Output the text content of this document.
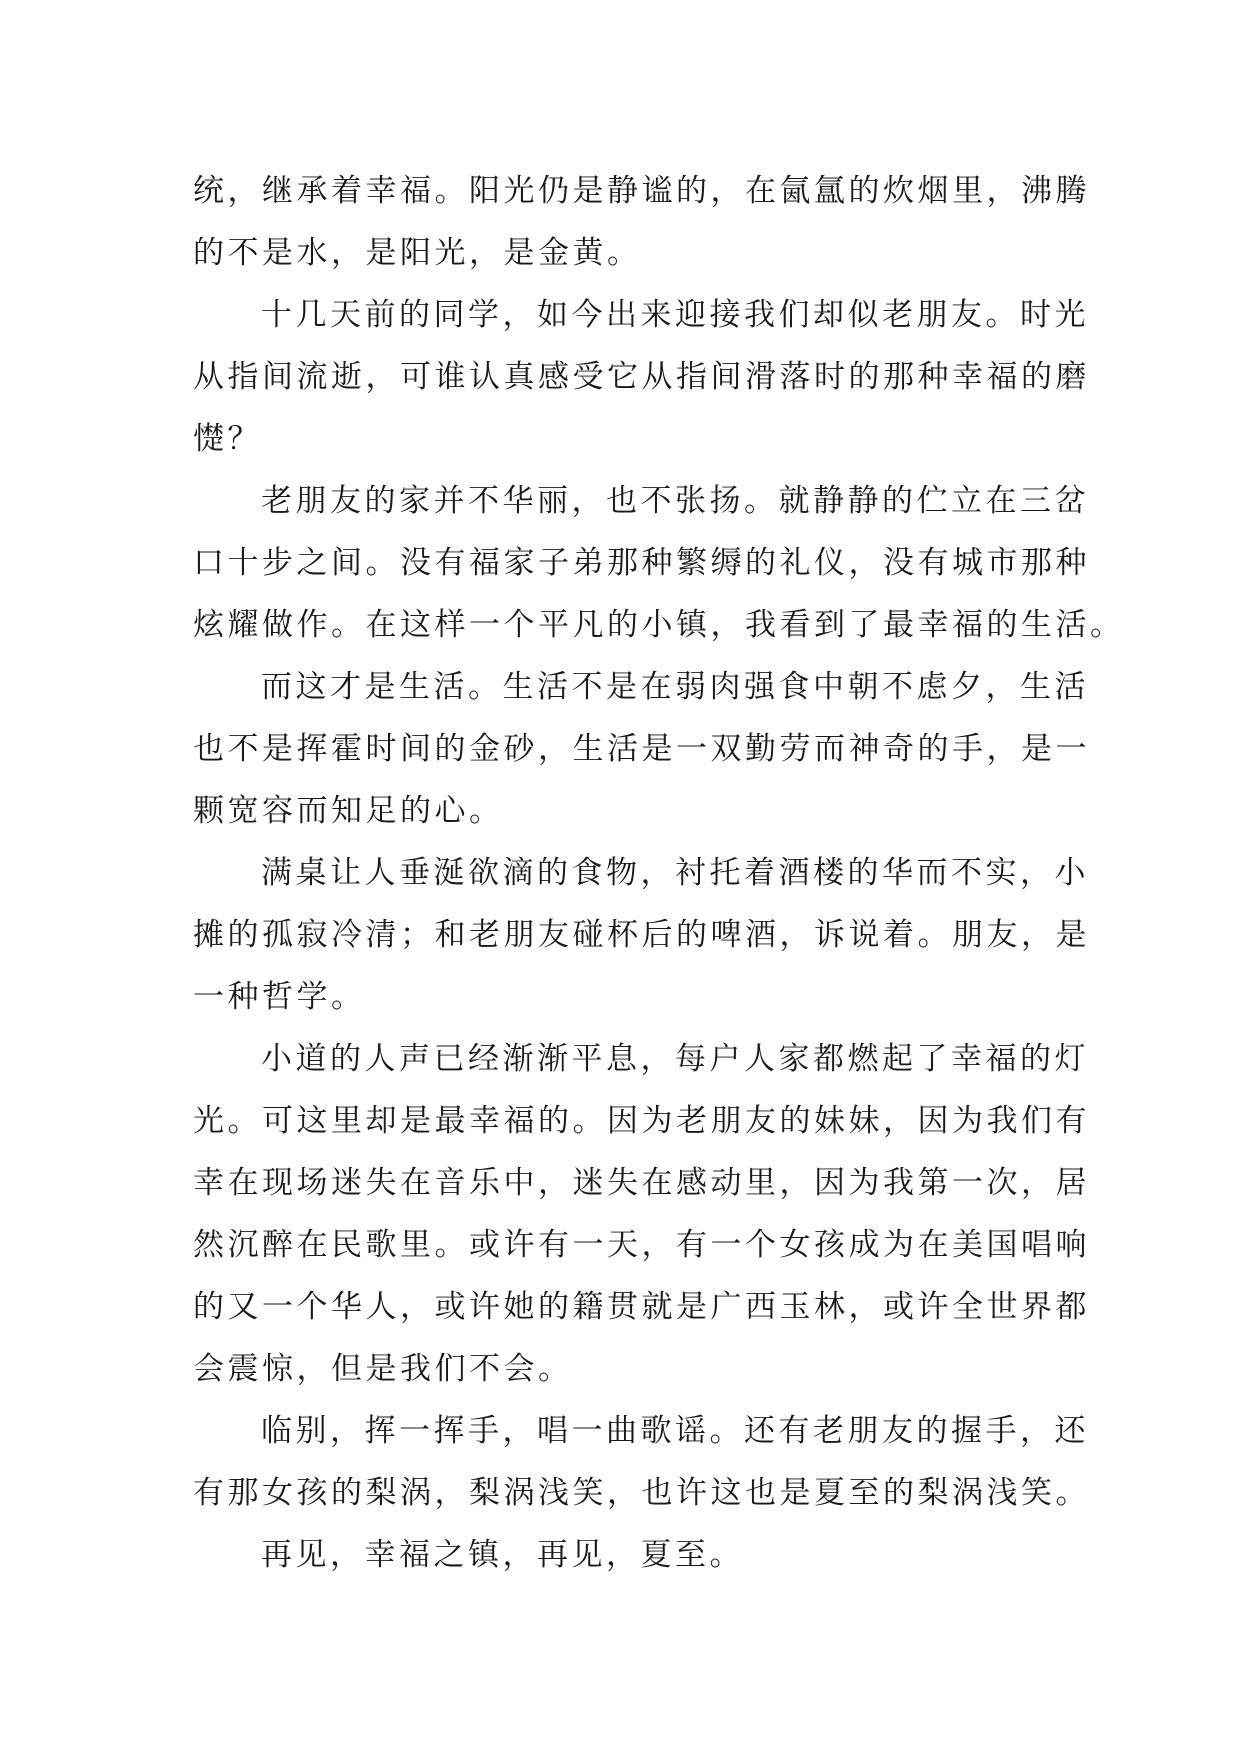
统，继承着幸福。阳光仍是静谧的，在氤氲的炊烟里，沸腾
的不是水，是阳光，是金黄。
十几天前的同学，如今出来迎接我们却似老朋友。时光
从指间流逝，可谁认真感受它从指间滑落时的那种幸福的磨
憷？
老朋友的家并不华丽，也不张扬。就静静的伫立在三岔
口十步之间。没有福家子弟那种繁缛的礼仪，没有城市那种
炫耀做作。在这样一个平凡的小镇，我看到了最幸福的生活。
而这才是生活。生活不是在弱肉强食中朝不虑夕，生活
也不是挥霍时间的金砂，生活是一双勤劳而神奇的手，是一
颗宽容而知足的心。
满桌让人垂涎欲滴的食物，衬托着酒楼的华而不实，小
摊的孤寂冷清；和老朋友碰杯后的啤酒，诉说着。朋友，是
一种哲学。
小道的人声已经渐渐平息，每户人家都燃起了幸福的灯
光。可这里却是最幸福的。因为老朋友的妹妹，因为我们有
幸在现场迷失在音乐中，迷失在感动里，因为我第一次，居
然沉醉在民歌里。或许有一天，有一个女孩成为在美国唱响
的又一个华人，或许她的籍贯就是广西玉林，或许全世界都
会震惊，但是我们不会。
临别，挥一挥手，唱一曲歌谣。还有老朋友的握手，还
有那女孩的梨涡，梨涡浅笑，也许这也是夏至的梨涡浅笑。
再见，幸福之镇，再见，夏至。
